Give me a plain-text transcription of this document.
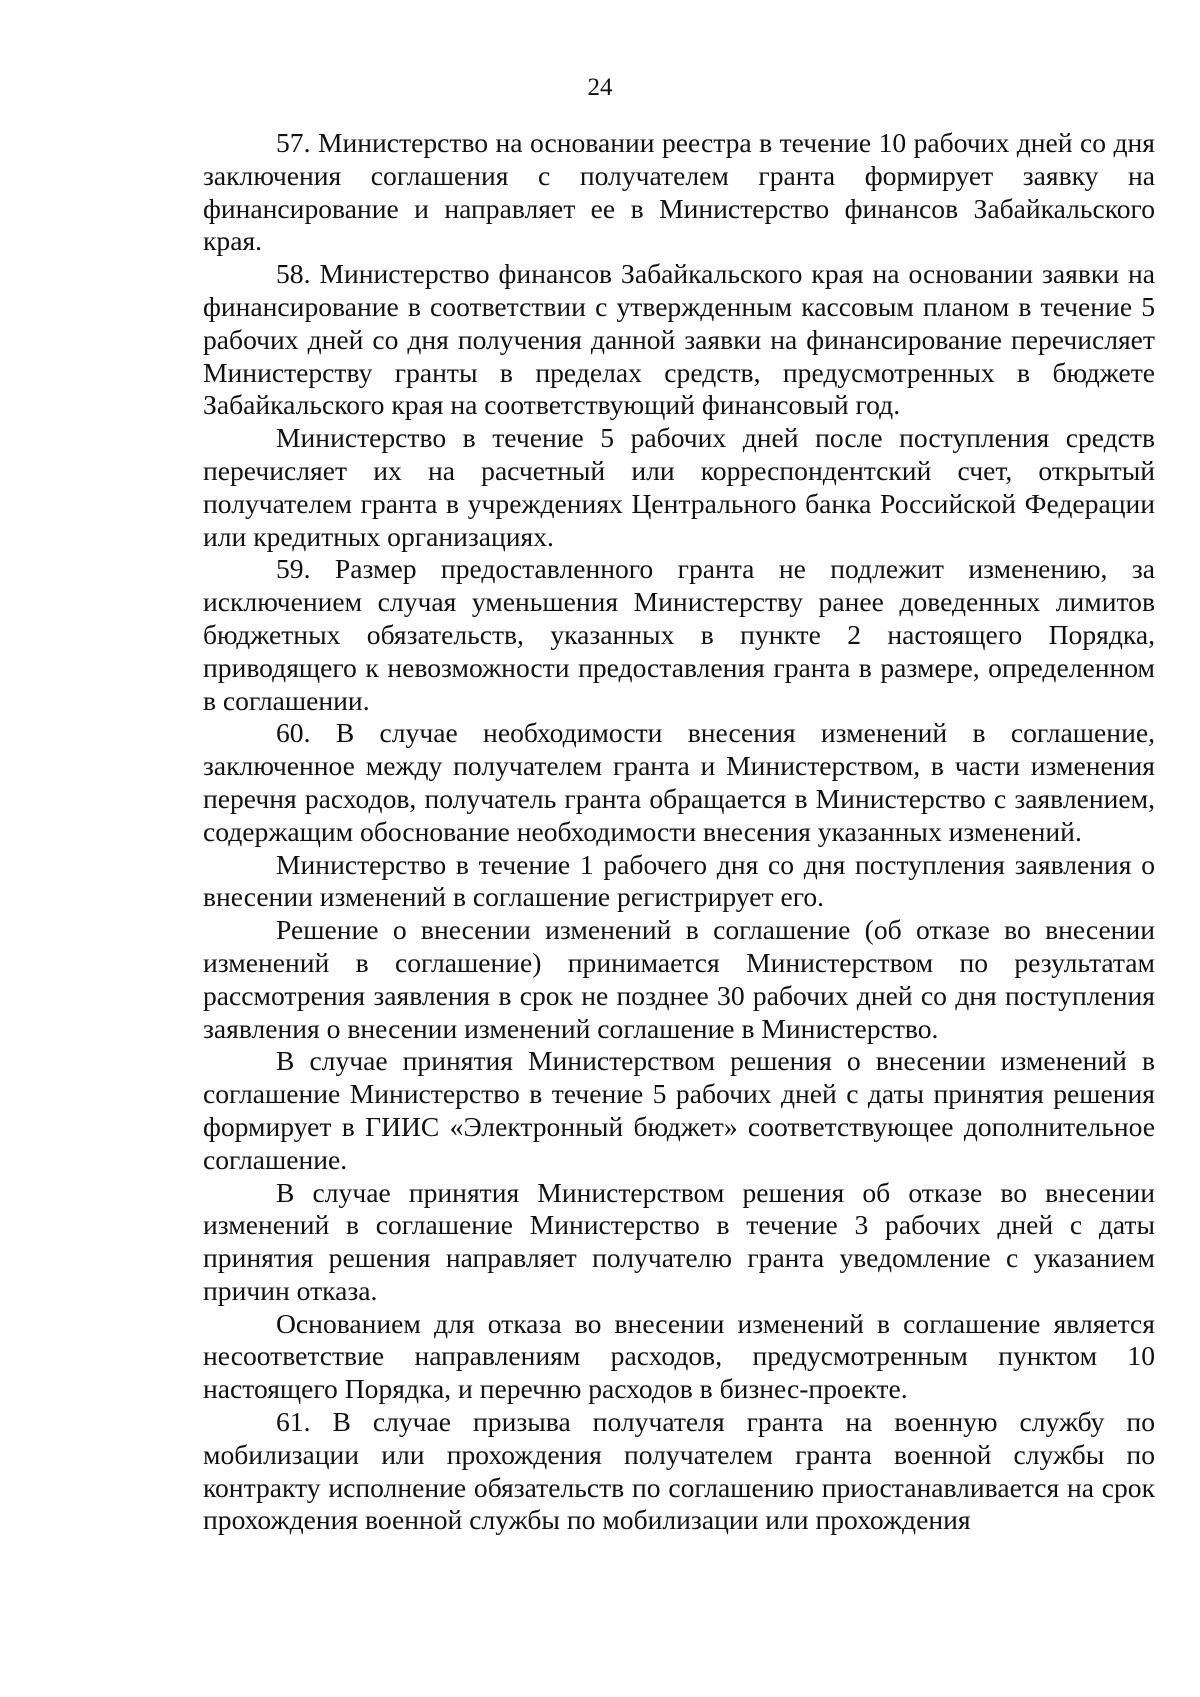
24

57. Министерство на основании реестра в течение 10 рабочих дней со дня заключения соглашения с получателем гранта формирует заявку на финансирование и направляет ее в Министерство финансов Забайкальского края.

58. Министерство финансов Забайкальского края на основании заявки на финансирование в соответствии с утвержденным кассовым планом в течение 5 рабочих дней со дня получения данной заявки на финансирование перечисляет Министерству гранты в пределах средств, предусмотренных в бюджете Забайкальского края на соответствующий финансовый год.

Министерство в течение 5 рабочих дней после поступления средств перечисляет их на расчетный или корреспондентский счет, открытый получателем гранта в учреждениях Центрального банка Российской Федерации или кредитных организациях.

59. Размер предоставленного гранта не подлежит изменению, за исключением случая уменьшения Министерству ранее доведенных лимитов бюджетных обязательств, указанных в пункте 2 настоящего Порядка, приводящего к невозможности предоставления гранта в размере, определенном в соглашении.

60. В случае необходимости внесения изменений в соглашение, заключенное между получателем гранта и Министерством, в части изменения перечня расходов, получатель гранта обращается в Министерство с заявлением, содержащим обоснование необходимости внесения указанных изменений.

Министерство в течение 1 рабочего дня со дня поступления заявления о внесении изменений в соглашение регистрирует его.

Решение о внесении изменений в соглашение (об отказе во внесении изменений в соглашение) принимается Министерством по результатам рассмотрения заявления в срок не позднее 30 рабочих дней со дня поступления заявления о внесении изменений соглашение в Министерство.

В случае принятия Министерством решения о внесении изменений в соглашение Министерство в течение 5 рабочих дней с даты принятия решения формирует в ГИИС «Электронный бюджет» соответствующее дополнительное соглашение.

В случае принятия Министерством решения об отказе во внесении изменений в соглашение Министерство в течение 3 рабочих дней с даты принятия решения направляет получателю гранта уведомление с указанием причин отказа.

Основанием для отказа во внесении изменений в соглашение является несоответствие направлениям расходов, предусмотренным пунктом 10 настоящего Порядка, и перечню расходов в бизнес-проекте.

61. В случае призыва получателя гранта на военную службу по мобилизации или прохождения получателем гранта военной службы по контракту исполнение обязательств по соглашению приостанавливается на срок прохождения военной службы по мобилизации или прохождения
